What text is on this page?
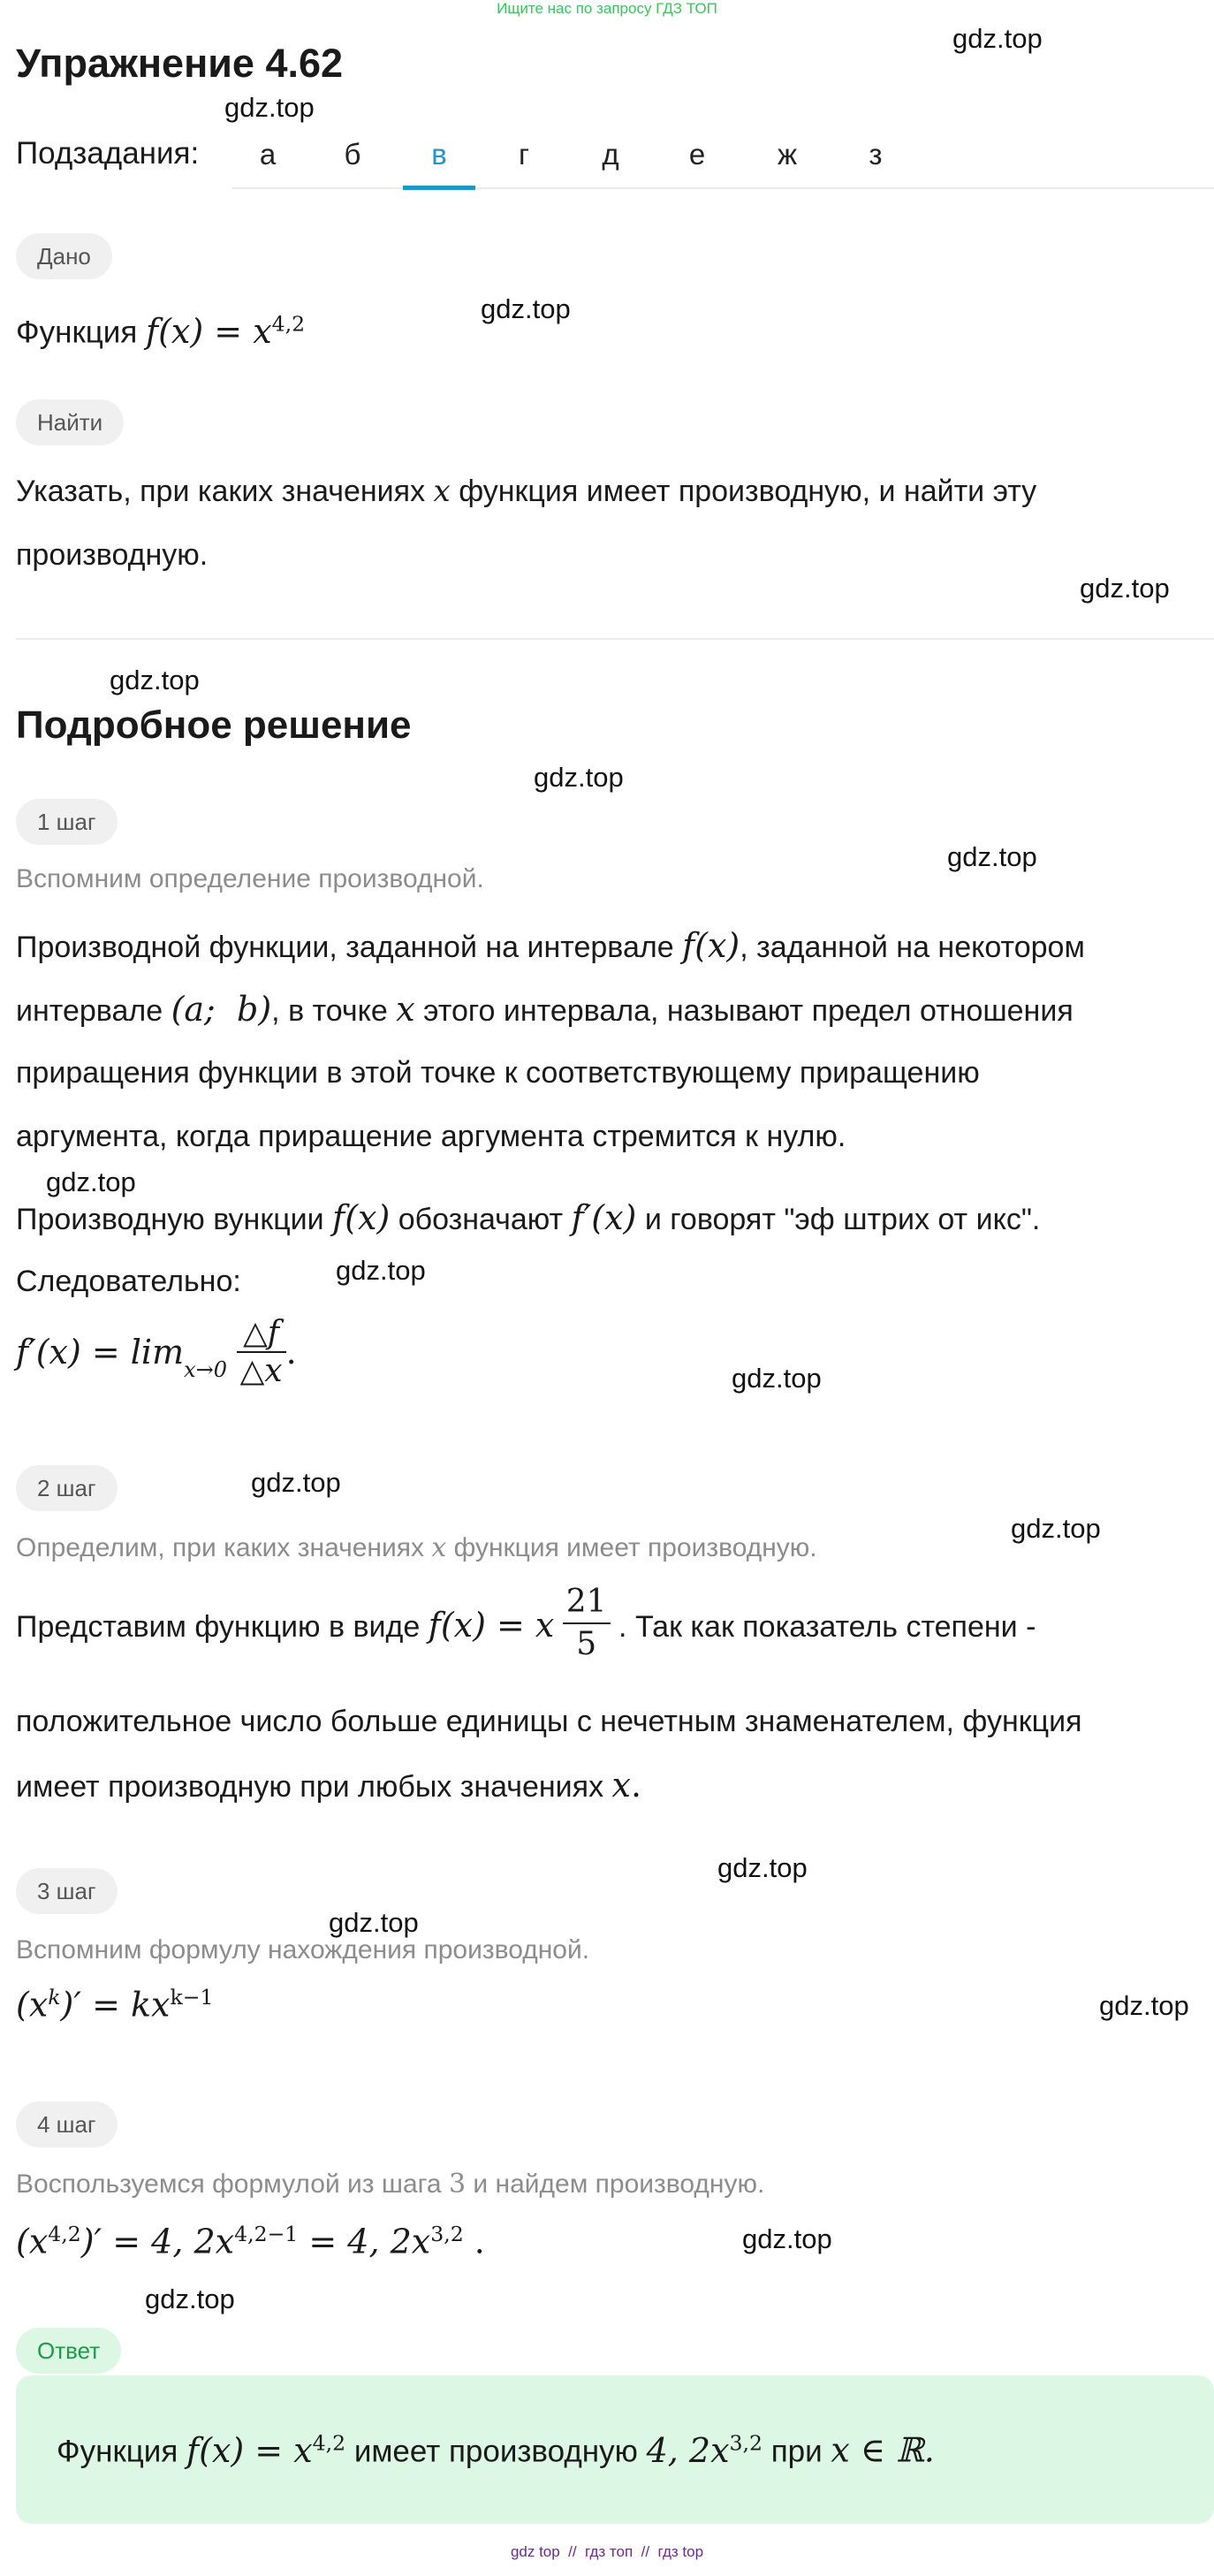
Ищите нас по запросу ГДЗ ТОП
gdz.top
gdz.top
gdz.top
gdz.top
gdz.top
gdz.top
gdz.top
gdz.top
gdz.top
gdz.top
gdz.top
gdz.top
gdz.top
gdz.top
gdz.top
gdz.top
gdz.top
Упражнение 4.62
Подзадания:	а	б	в	г	д	е	ж	з
Дано
Функция $f(x) = x^{4,2}$
Найти
Указать, при каких значениях x функция имеет производную, и найти эту
производную.
Подробное решение
1 шаг
Вспомним определение производной.
Производной функции, заданной на интервале f(x), заданной на некотором
интервале (a;  b), в точке x этого интервала, называют предел отношения
приращения функции в этой точке к соответствующему приращению
аргумента, когда приращение аргумента стремится к нулю.
Производную вункции f(x) обозначают f′(x) и говорят "эф штрих от икс".
Следовательно:
$f'(x) = \lim_{x\to 0} \frac{\triangle f}{\triangle x}$ .
2 шаг
Определим, при каких значениях x функция имеет производную.
Представим функцию в виде f(x) = x $\frac{21}{5}$ . Так как показатель степени -
положительное число больше единицы с нечетным знаменателем, функция
имеет производную при любых значениях x.
3 шаг
Вспомним формулу нахождения производной.
$(x^k)' = kx^{k-1}$
4 шаг
Воспользуемся формулой из шага 3 и найдем производную.
$(x^{4,2})' = 4$, $2x^{4,2-1} = 4$, $2x^{3,2}$ .
Ответ
Функция $f(x) = x^{4,2}$ имеет производную 4, $2x^{3,2}$ при x ∈ ℝ.
gdz top  //  гдз топ  //  гдз top
